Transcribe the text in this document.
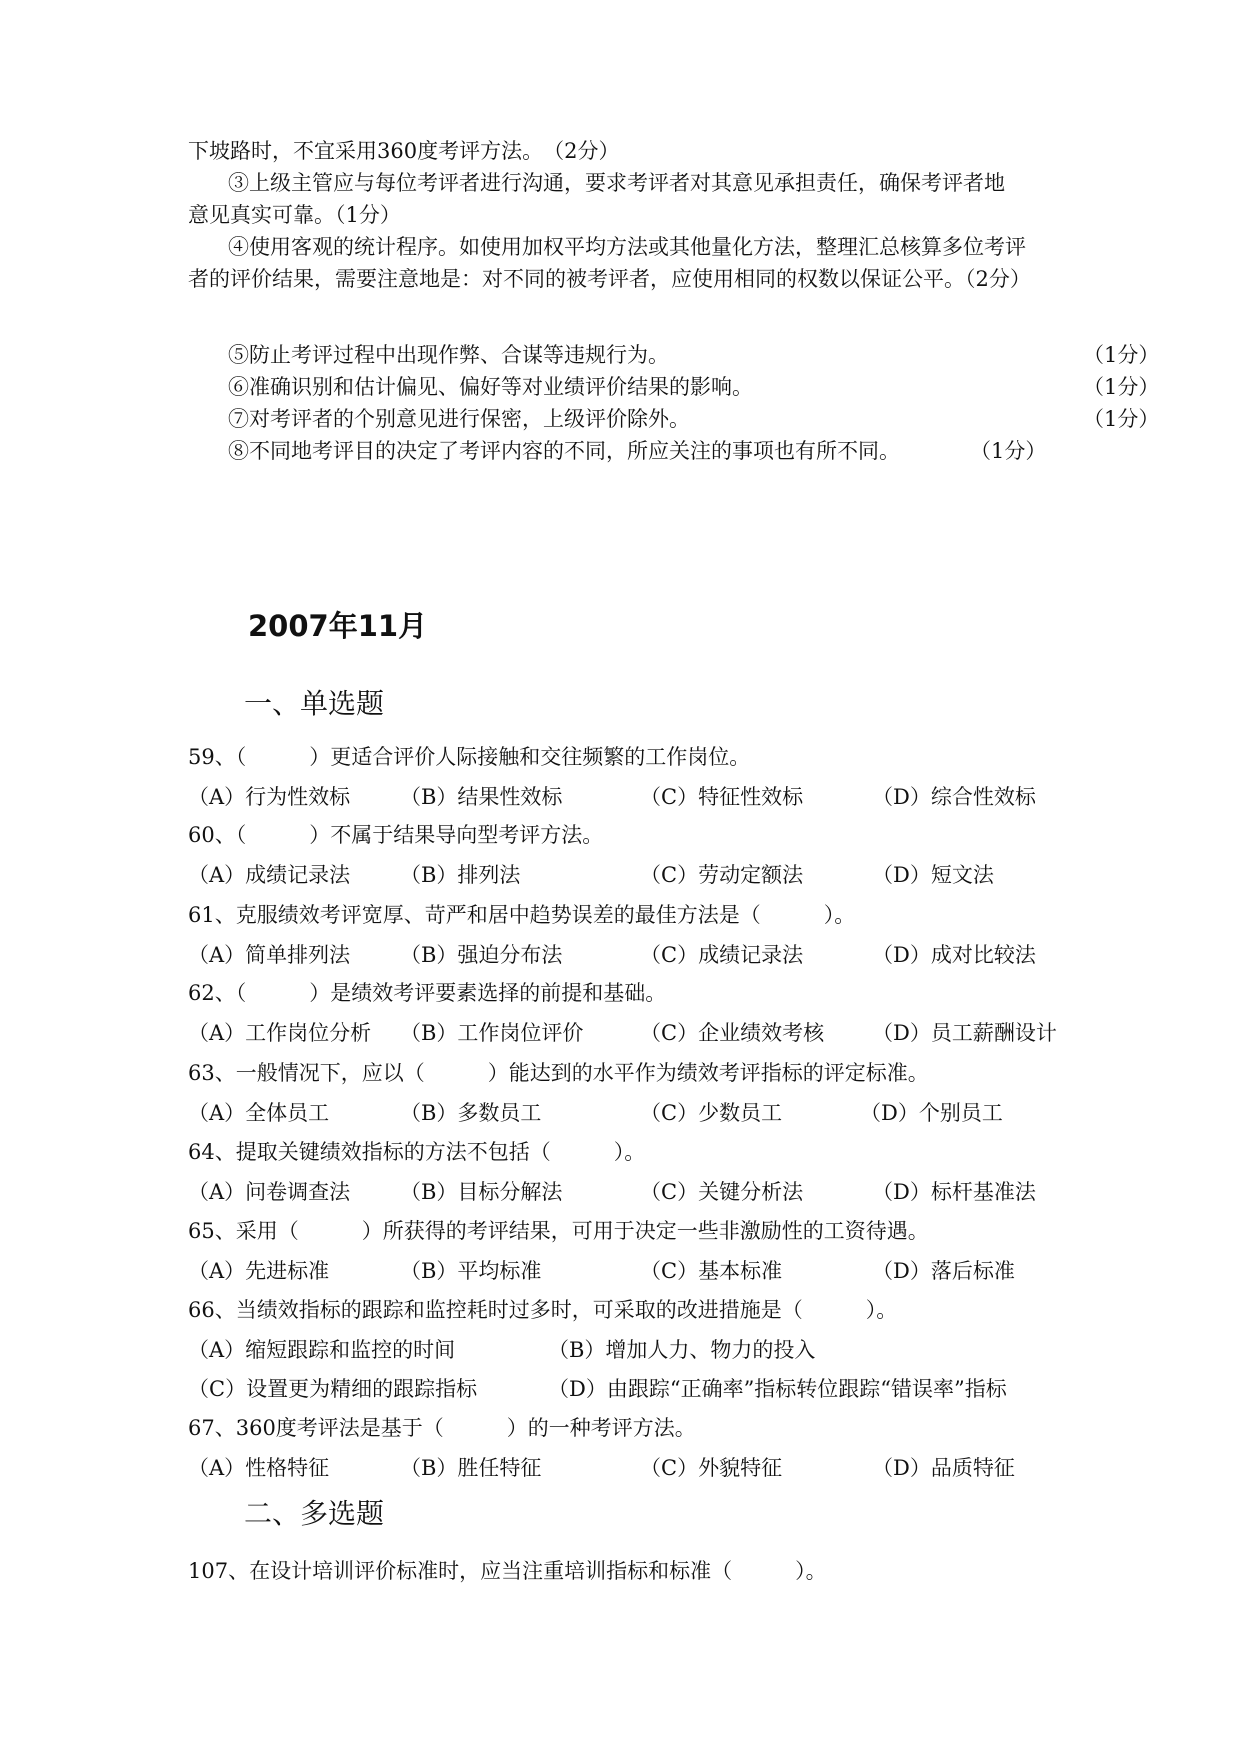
下坡路时，不宜采用360度考评方法。　（2分）
③上级主管应与每位考评者进行沟通，要求考评者对其意见承担责任，确保考评者地
意见真实可靠。（1分）
④使用客观的统计程序。如使用加权平均方法或其他量化方法，整理汇总核算多位考评
者的评价结果，需要注意地是：对不同的被考评者，应使用相同的权数以保证公平。（2分）
⑤防止考评过程中出现作弊、合谋等违规行为。	（1分）
⑥准确识别和估计偏见、偏好等对业绩评价结果的影响。	（1分）
⑦对考评者的个别意见进行保密，上级评价除外。	（1分）
⑧不同地考评目的决定了考评内容的不同，所应关注的事项也有所不同。	（1分）
2007年11月
一、单选题
59、（　　　）更适合评价人际接触和交往频繁的工作岗位。
（A）行为性效标 （B）结果性效标	（C）特征性效标	（D）综合性效标
60、（　　　）不属于结果导向型考评方法。
（A）成绩记录法 （B）排列法	（C）劳动定额法	（D）短文法
61、克服绩效考评宽厚、苛严和居中趋势误差的最佳方法是（　　　）。
（A）简单排列法 （B）强迫分布法	（C）成绩记录法	（D）成对比较法
62、（　　　）是绩效考评要素选择的前提和基础。
（A）工作岗位分析 （B）工作岗位评价	（C）企业绩效考核 （D）员工薪酬设计
63、一般情况下，应以（　　　）能达到的水平作为绩效考评指标的评定标准。
（A）全体员工	（B）多数员工	（C）少数员工	（D）个别员工
64、提取关键绩效指标的方法不包括（　　　）。
（A）问卷调查法 （B）目标分解法	（C）关键分析法	（D）标杆基准法
65、采用（　　　）所获得的考评结果，可用于决定一些非激励性的工资待遇。
（A）先进标准	（B）平均标准	（C）基本标准	（D）落后标准
66、当绩效指标的跟踪和监控耗时过多时，可采取的改进措施是（　　　）。
（A）缩短跟踪和监控的时间	（B）增加人力、物力的投入
（C）设置更为精细的跟踪指标	（D）由跟踪“正确率”指标转位跟踪“错误率”指标
67、360度考评法是基于（　　　）的一种考评方法。
（A）性格特征	（B）胜任特征	（C）外貌特征	（D）品质特征
二、多选题
107、在设计培训评价标准时，应当注重培训指标和标准（　　　）。
